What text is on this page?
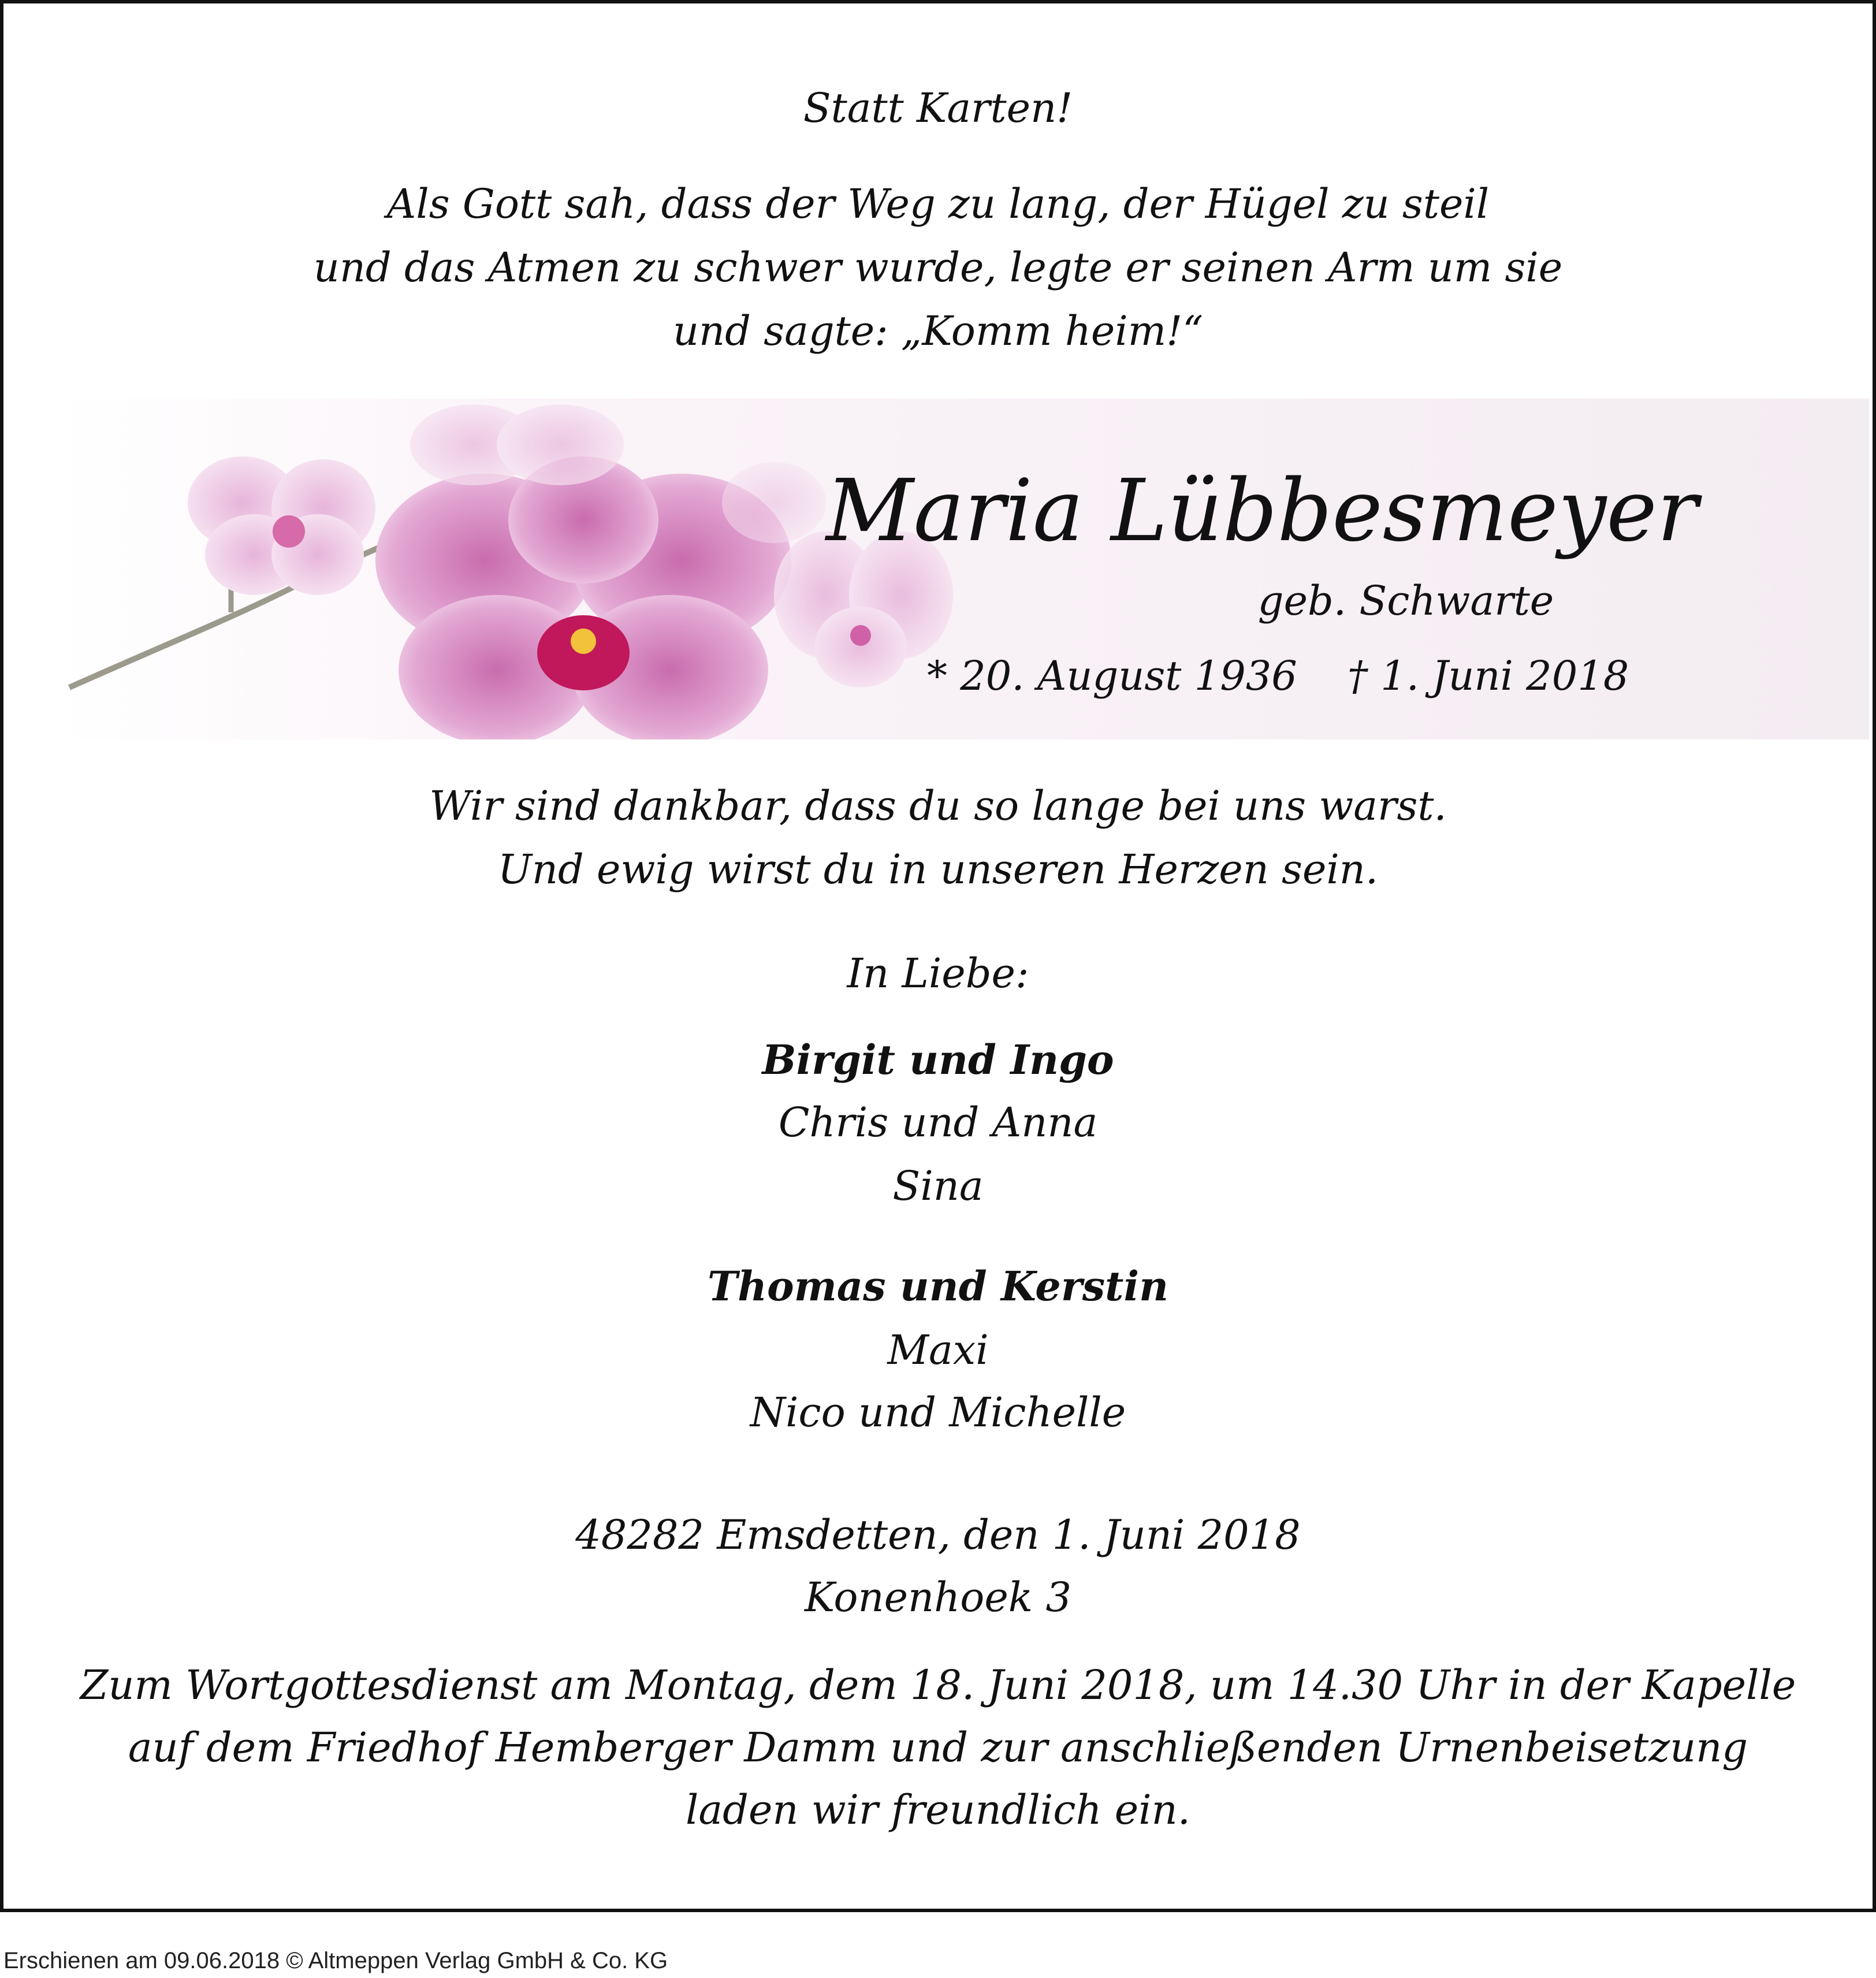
Statt Karten!
Als Gott sah, dass der Weg zu lang, der Hügel zu steil
und das Atmen zu schwer wurde, legte er seinen Arm um sie
und sagte: „Komm heim!“
Maria Lübbesmeyer
geb. Schwarte
* 20. August 1936 † 1. Juni 2018
Wir sind dankbar, dass du so lange bei uns warst.
Und ewig wirst du in unseren Herzen sein.
In Liebe:
Birgit und Ingo
Chris und Anna
Sina
Thomas und Kerstin
Maxi
Nico und Michelle
48282 Emsdetten, den 1. Juni 2018
Konenhoek 3
Zum Wortgottesdienst am Montag, dem 18. Juni 2018, um 14.30 Uhr in der Kapelle
auf dem Friedhof Hemberger Damm und zur anschließenden Urnenbeisetzung
laden wir freundlich ein.
Erschienen am 09.06.2018 © Altmeppen Verlag GmbH & Co. KG
